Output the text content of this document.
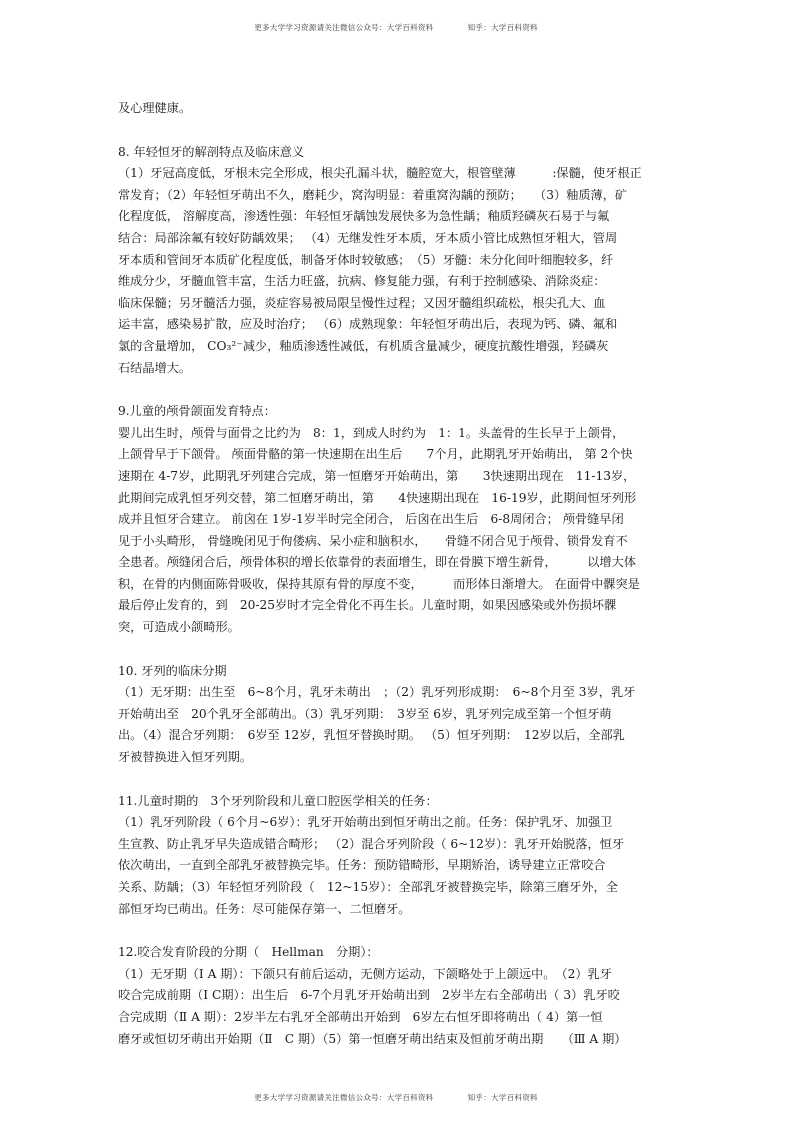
更多大学学习资源请关注微信公众号：大学百科资料	知乎：大学百科资料
及心理健康。
8. 年轻恒牙的解剖特点及临床意义
（1）牙冠高度低，牙根未完全形成，根尖孔漏斗状，髓腔宽大，根管壁薄　　　:保髓，使牙根正
常发育；（2）年轻恒牙萌出不久，磨耗少，窝沟明显：着重窝沟龋的预防；　　（3）釉质薄，矿
化程度低， 溶解度高，渗透性强：年轻恒牙龋蚀发展快多为急性龋；釉质羟磷灰石易于与氟
结合：局部涂氟有较好防龋效果； （4）无继发性牙本质，牙本质小管比成熟恒牙粗大，管周
牙本质和管间牙本质矿化程度低，制备牙体时较敏感；　（5）牙髓：未分化间叶细胞较多，纤
维成分少，牙髓血管丰富，生活力旺盛，抗病、修复能力强，有利于控制感染、消除炎症：
临床保髓；另牙髓活力强，炎症容易被局限呈慢性过程；又因牙髓组织疏松，根尖孔大、血
运丰富，感染易扩散，应及时治疗； （6）成熟现象：年轻恒牙萌出后，表现为钙、磷、氟和
氯的含量增加， CO₃²⁻减少，釉质渗透性减低，有机质含量减少，硬度抗酸性增强，羟磷灰
石结晶增大。
9.儿童的颅骨颌面发育特点：
婴儿出生时，颅骨与面骨之比约为　8：1，到成人时约为　1：1。头盖骨的生长早于上颌骨，
上颌骨早于下颌骨。 颅面骨骼的第一快速期在出生后　　7个月，此期乳牙开始萌出， 第 2个快
速期在 4-7岁，此期乳牙列建合完成，第一恒磨牙开始萌出，第　　3快速期出现在　11-13岁，
此期间完成乳恒牙列交替，第二恒磨牙萌出，第　　4快速期出现在　16-19岁，此期间恒牙列形
成并且恒牙合建立。 前囟在 1岁-1岁半时完全闭合， 后囟在出生后　6-8周闭合； 颅骨缝早闭
见于小头畸形， 骨缝晚闭见于佝偻病、呆小症和脑积水，　　骨缝不闭合见于颅骨、锁骨发育不
全患者。颅缝闭合后，颅骨体积的增长依靠骨的表面增生，即在骨膜下增生新骨，　　　以增大体
积，在骨的内侧面陈骨吸收，保持其原有骨的厚度不变，　　　而形体日渐增大。 在面骨中髁突是
最后停止发育的，到　20-25岁时才完全骨化不再生长。儿童时期，如果因感染或外伤损坏髁
突，可造成小颌畸形。
10. 牙列的临床分期
（1）无牙期：出生至　6~8个月，乳牙未萌出　；（2）乳牙列形成期：　6~8个月至 3岁，乳牙
开始萌出至　20个乳牙全部萌出。（3）乳牙列期：　3岁至 6岁，乳牙列完成至第一个恒牙萌
出。（4）混合牙列期：　6岁至 12岁，乳恒牙替换时期。 （5）恒牙列期：　12岁以后，全部乳
牙被替换进入恒牙列期。
11.儿童时期的　3个牙列阶段和儿童口腔医学相关的任务：
（1）乳牙列阶段（ 6个月~6岁）：乳牙开始萌出到恒牙萌出之前。任务：保护乳牙、加强卫
生宣教、防止乳牙早失造成错合畸形； （2）混合牙列阶段（ 6~12岁）：乳牙开始脱落，恒牙
依次萌出，一直到全部乳牙被替换完毕。任务：预防错畸形，早期矫治，诱导建立正常咬合
关系、防龋；（3）年轻恒牙列阶段（　12~15岁）：全部乳牙被替换完毕，除第三磨牙外，全
部恒牙均已萌出。任务：尽可能保存第一、二恒磨牙。
12.咬合发育阶段的分期（　Hellman　分期）：
（1）无牙期（Ⅰ A 期）：下颌只有前后运动，无侧方运动，下颌略处于上颌远中。　（2）乳牙
咬合完成前期（Ⅰ C期）：出生后　6-7个月乳牙开始萌出到　2岁半左右全部萌出（ 3）乳牙咬
合完成期（Ⅱ A 期）：2岁半左右乳牙全部萌出开始到　6岁左右恒牙即将萌出（ 4）第一恒
磨牙或恒切牙萌出开始期（Ⅱ　C 期）（5）第一恒磨牙萌出结束及恒前牙萌出期　　（Ⅲ A 期）
更多大学学习资源请关注微信公众号：大学百科资料	知乎：大学百科资料
